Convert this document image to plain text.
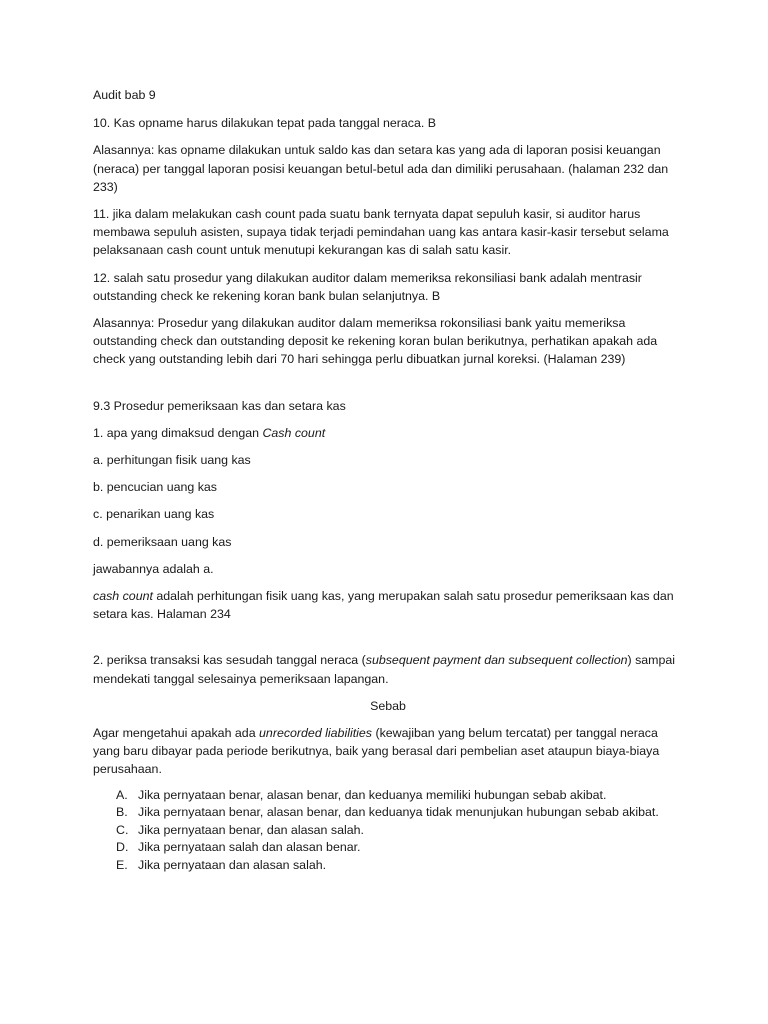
Audit bab 9

10. Kas opname harus dilakukan tepat pada tanggal neraca. B

Alasannya: kas opname dilakukan untuk saldo kas dan setara kas yang ada di laporan posisi keuangan (neraca) per tanggal laporan posisi keuangan betul-betul ada dan dimiliki perusahaan. (halaman 232 dan 233)

11. jika dalam melakukan cash count pada suatu bank ternyata dapat sepuluh kasir, si auditor harus membawa sepuluh asisten, supaya tidak terjadi pemindahan uang kas antara kasir-kasir tersebut selama pelaksanaan cash count untuk menutupi kekurangan kas di salah satu kasir.

12. salah satu prosedur yang dilakukan auditor dalam memeriksa rekonsiliasi bank adalah mentrasir outstanding check ke rekening koran bank bulan selanjutnya. B

Alasannya: Prosedur yang dilakukan auditor dalam memeriksa rokonsiliasi bank yaitu memeriksa outstanding check dan outstanding deposit ke rekening koran bulan berikutnya, perhatikan apakah ada check yang outstanding lebih dari 70 hari sehingga perlu dibuatkan jurnal koreksi. (Halaman 239)

9.3 Prosedur pemeriksaan kas dan setara kas

1. apa yang dimaksud dengan Cash count

a. perhitungan fisik uang kas

b. pencucian uang kas

c. penarikan uang kas

d. pemeriksaan uang kas

jawabannya adalah a.

cash count adalah perhitungan fisik uang kas, yang merupakan salah satu prosedur pemeriksaan kas dan setara kas. Halaman 234

2. periksa transaksi kas sesudah tanggal neraca (subsequent payment dan subsequent collection) sampai mendekati tanggal selesainya pemeriksaan lapangan.

Sebab

Agar mengetahui apakah ada unrecorded liabilities (kewajiban yang belum tercatat) per tanggal neraca yang baru dibayar pada periode berikutnya, baik yang berasal dari pembelian aset ataupun biaya-biaya perusahaan.

A. Jika pernyataan benar, alasan benar, dan keduanya memiliki hubungan sebab akibat.
B. Jika pernyataan benar, alasan benar, dan keduanya tidak menunjukan hubungan sebab akibat.
C. Jika pernyataan benar, dan alasan salah.
D. Jika pernyataan salah dan alasan benar.
E. Jika pernyataan dan alasan salah.
